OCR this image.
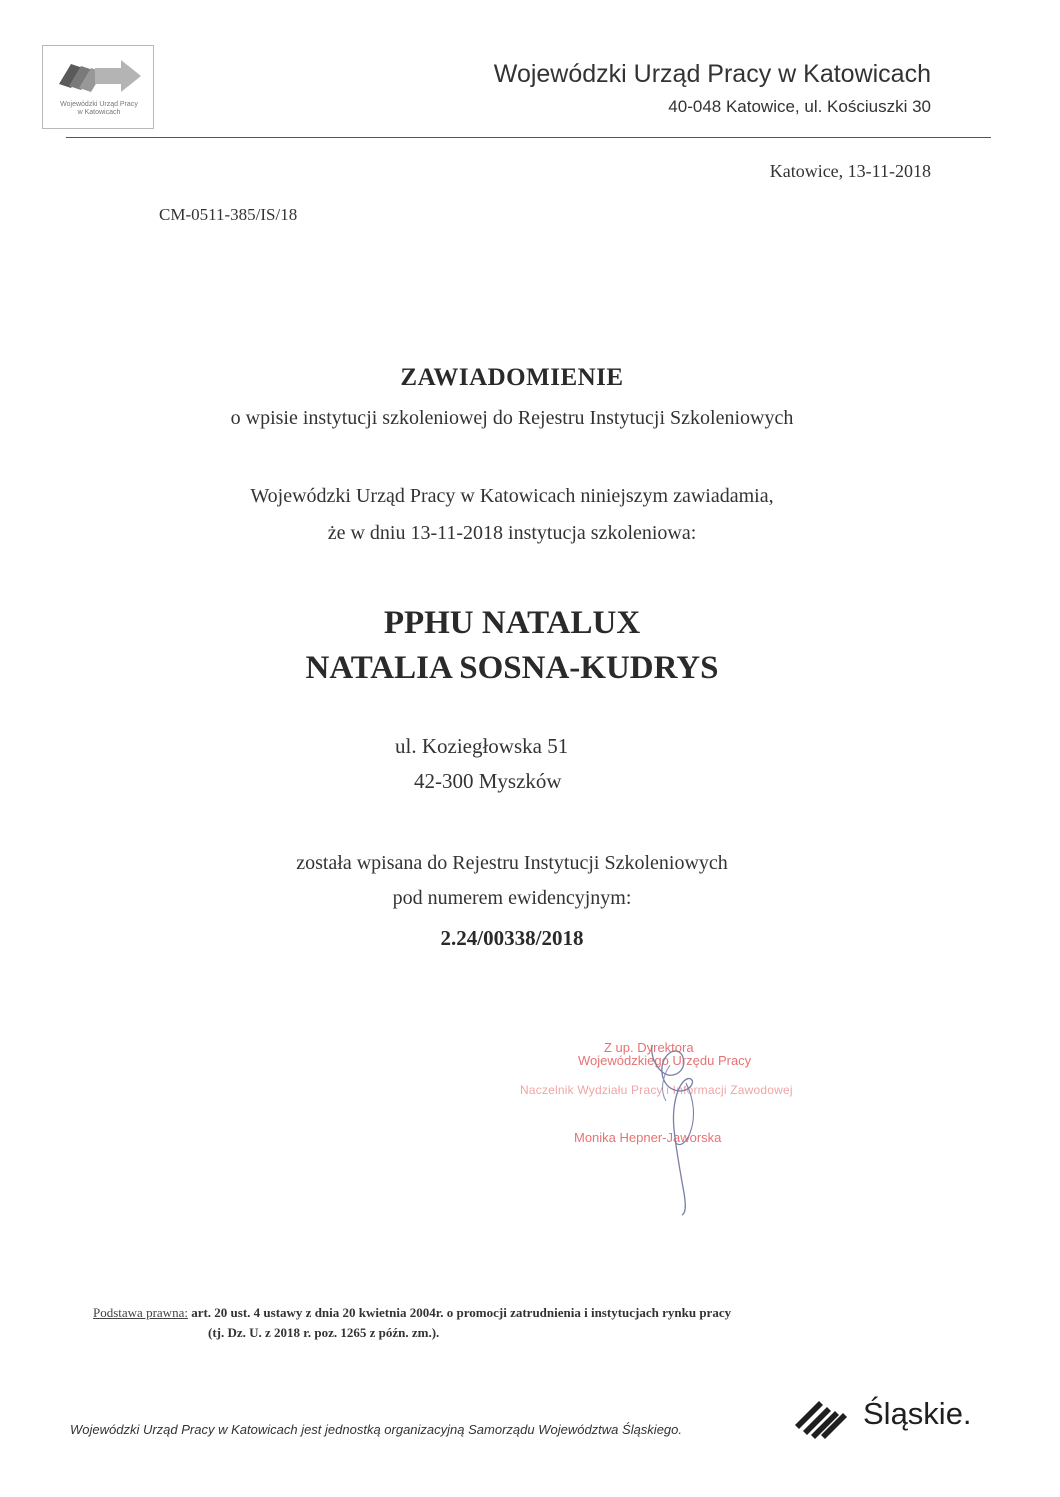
Wojewódzki Urząd Pracy
w Katowicach
Wojewódzki Urząd Pracy w Katowicach
40-048 Katowice, ul. Kościuszki 30
Katowice, 13-11-2018
CM-0511-385/IS/18
ZAWIADOMIENIE
o wpisie instytucji szkoleniowej do Rejestru Instytucji Szkoleniowych
Wojewódzki Urząd Pracy w Katowicach niniejszym zawiadamia,
że w dniu 13-11-2018 instytucja szkoleniowa:
PPHU NATALUX
NATALIA SOSNA-KUDRYS
ul. Koziegłowska 51
42-300 Myszków
została wpisana do Rejestru Instytucji Szkoleniowych
pod numerem ewidencyjnym:
2.24/00338/2018
Z up. Dyrektora
Wojewódzkiego Urzędu Pracy
Naczelnik Wydziału Pracy i Informacji Zawodowej
Monika Hepner-Jaworska
Podstawa prawna: art. 20 ust. 4 ustawy z dnia 20 kwietnia 2004r. o promocji zatrudnienia i instytucjach rynku pracy
(tj. Dz. U. z 2018 r. poz. 1265 z późn. zm.).
Śląskie.
Wojewódzki Urząd Pracy w Katowicach jest jednostką organizacyjną Samorządu Województwa Śląskiego.
